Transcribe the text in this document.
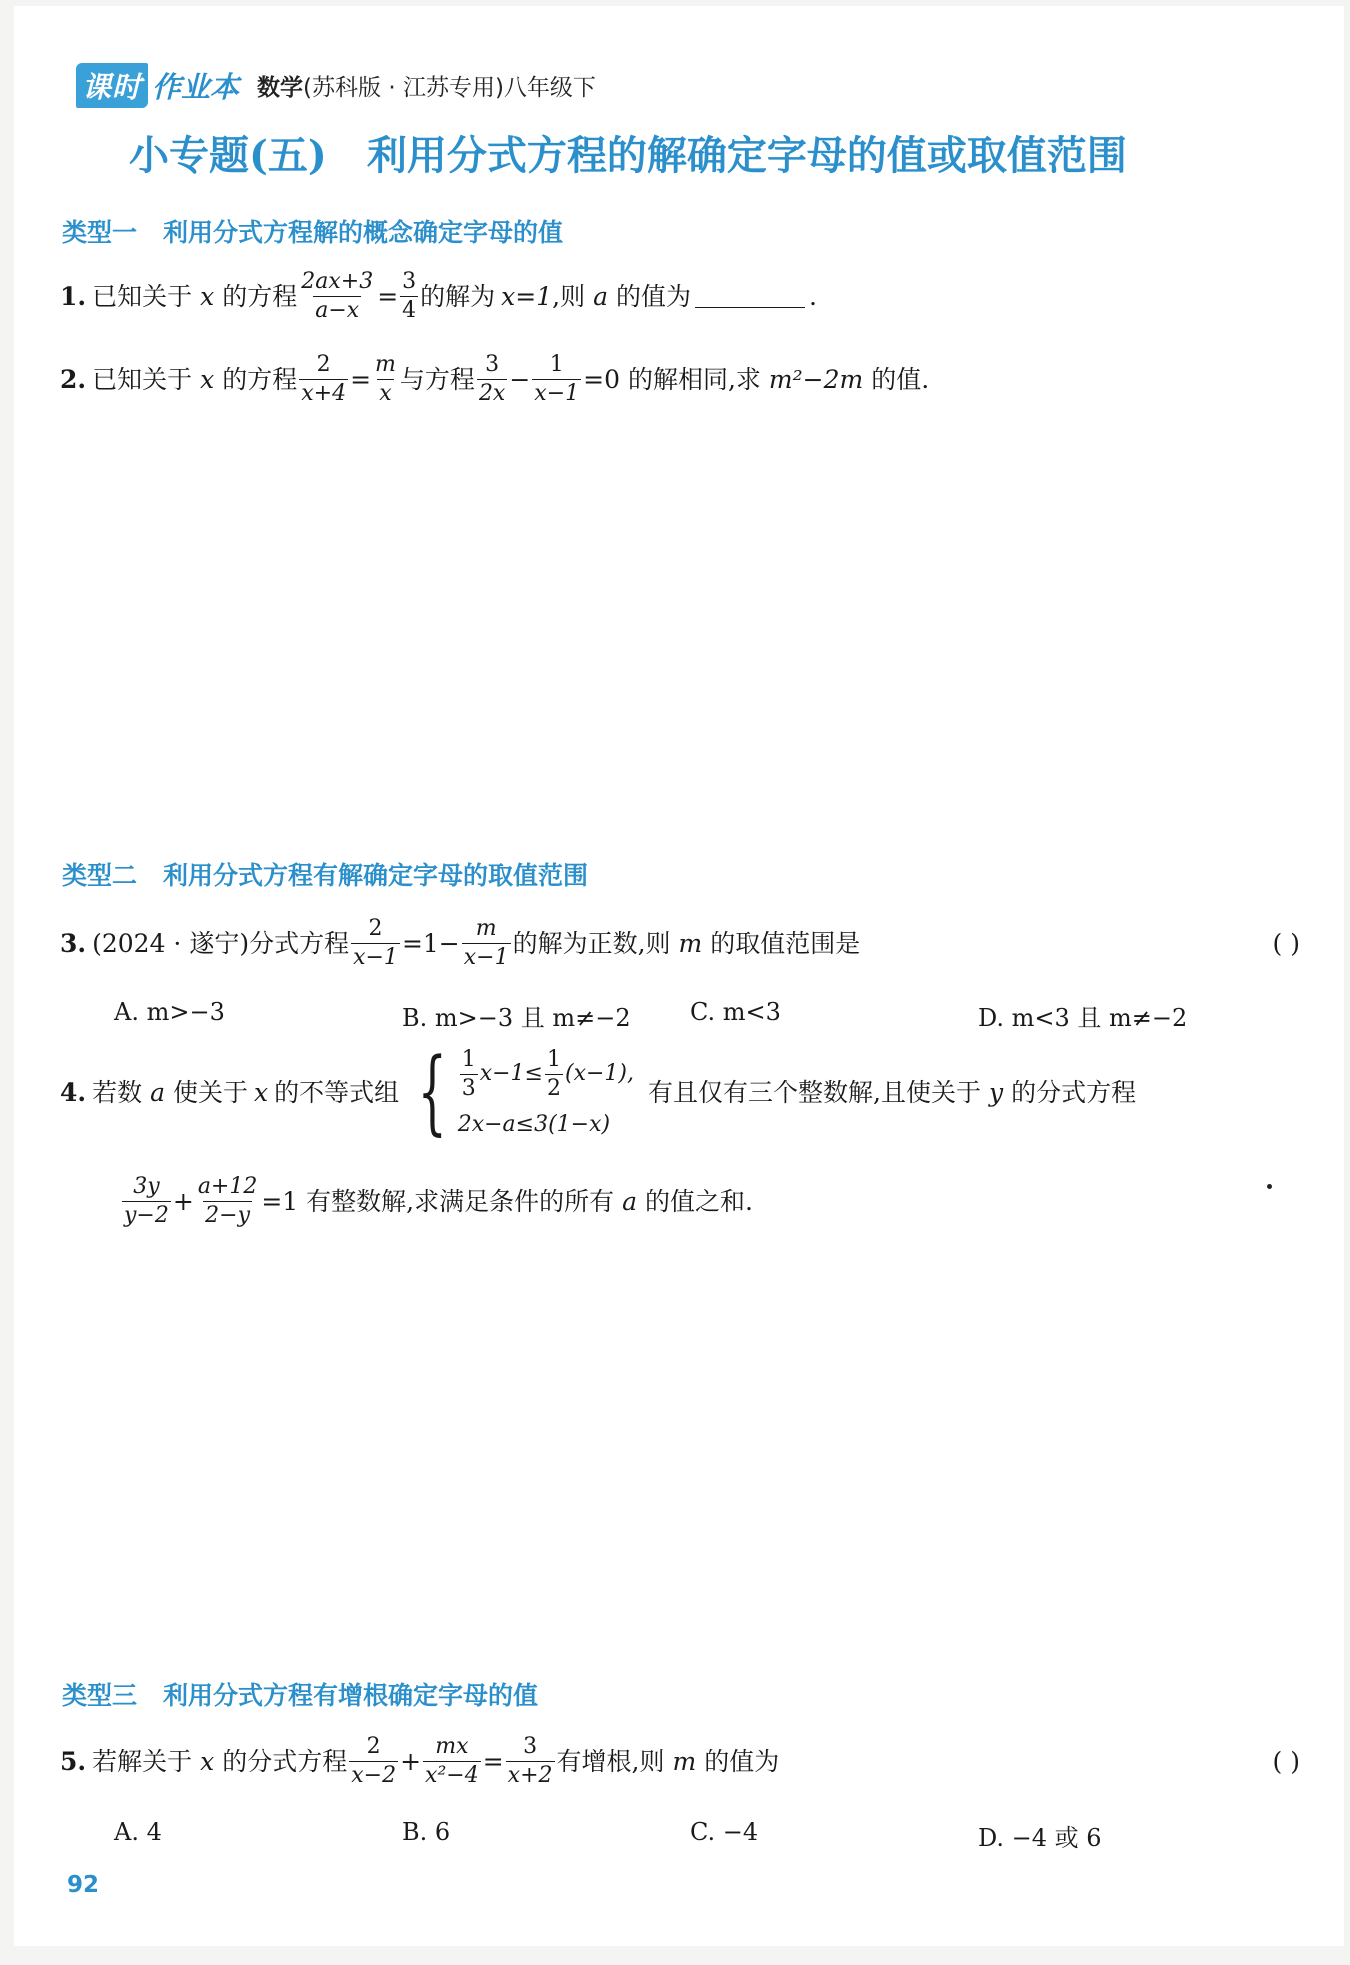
课时 作业本 数学(苏科版 · 江苏专用)八年级下
小专题(五) 利用分式方程的解确定字母的值或取值范围
类型一 利用分式方程解的概念确定字母的值
1. 已知关于 x 的方程 $\frac{2ax+3}{a-x} = \frac{3}{4}$ 的解为 x=1 ,则 a 的值为	.
2. 已知关于 x 的方程 $\frac{2}{x+4} = \frac{m}{x}$ 与方程 $\frac{3}{2x} - \frac{1}{x-1} =0$ 的解相同,求 m²−2m 的值.
类型二 利用分式方程有解确定字母的取值范围
3. (2024 · 遂宁)分式方程 $\frac{2}{x-1} =1- \frac{m}{x-1}$ 的解为正数,则 m 的取值范围是	( )
A. m>−3	B. m>−3 且 m≠−2 C. m<3	D. m<3 且 m≠−2
4. 若数 a 使关于 x 的不等式组 { $\frac{1}{3} x-1\le \frac{1}{2} (x-1)$,
2x−a≤3(1−x)
有且仅有三个整数解,且使关于 y 的分式方程
$\frac{3y}{y-2} + \frac{a+12}{2-y} =1$ 有整数解,求满足条件的所有 a 的值之和.
类型三 利用分式方程有增根确定字母的值
5. 若解关于 x 的分式方程 $\frac{2}{x-2} + \frac{mx}{\text{x²−4}} = \frac{3}{x+2}$ 有增根,则 m 的值为	( )
A. 4	B. 6	C. −4	D. −4 或 6
92
